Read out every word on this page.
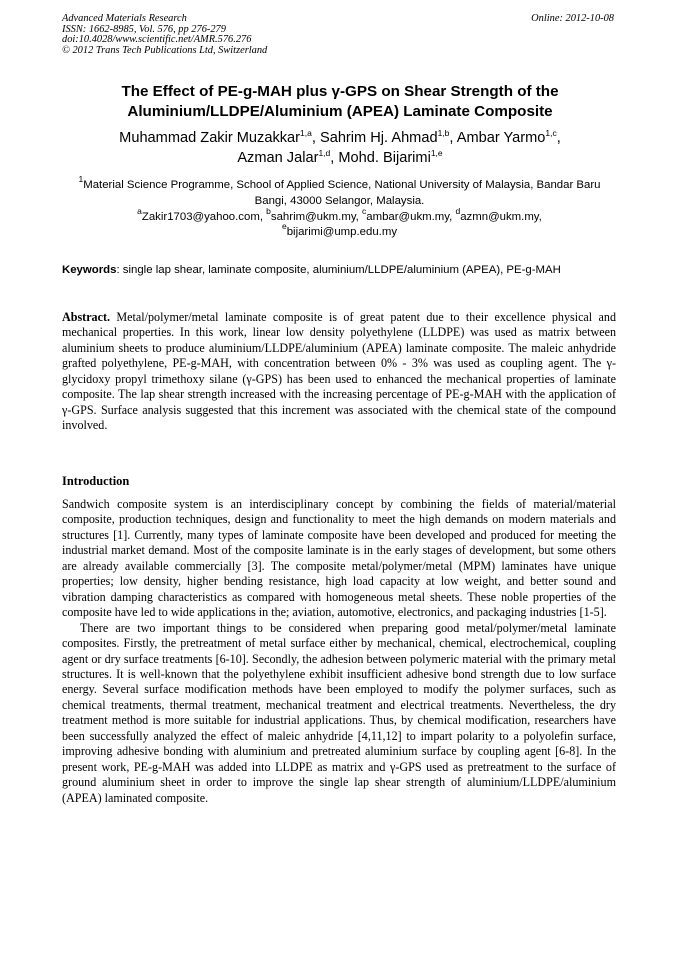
Advanced Materials Research
ISSN: 1662-8985, Vol. 576, pp 276-279
doi:10.4028/www.scientific.net/AMR.576.276
© 2012 Trans Tech Publications Ltd, Switzerland
Online: 2012-10-08
The Effect of PE-g-MAH plus γ-GPS on Shear Strength of the Aluminium/LLDPE/Aluminium (APEA) Laminate Composite
Muhammad Zakir Muzakkar$^{1,a}$, Sahrim Hj. Ahmad$^{1,b}$, Ambar Yarmo$^{1,c}$,
Azman Jalar$^{1,d}$, Mohd. Bijarimi$^{1,e}$
$^1$Material Science Programme, School of Applied Science, National University of Malaysia, Bandar Baru Bangi, 43000 Selangor, Malaysia.
$^a$Zakir1703@yahoo.com, $^b$sahrim@ukm.my, $^c$ambar@ukm.my, $^d$azmn@ukm.my,
$^e$bijarimi@ump.edu.my
Keywords: single lap shear, laminate composite, aluminium/LLDPE/aluminium (APEA), PE-g-MAH
Abstract. Metal/polymer/metal laminate composite is of great patent due to their excellence physical and mechanical properties. In this work, linear low density polyethylene (LLDPE) was used as matrix between aluminium sheets to produce aluminium/LLDPE/aluminium (APEA) laminate composite. The maleic anhydride grafted polyethylene, PE-g-MAH, with concentration between 0% - 3% was used as coupling agent. The γ-glycidoxy propyl trimethoxy silane (γ-GPS) has been used to enhanced the mechanical properties of laminate composite. The lap shear strength increased with the increasing percentage of PE-g-MAH with the application of γ-GPS. Surface analysis suggested that this increment was associated with the chemical state of the compound involved.
Introduction

Sandwich composite system is an interdisciplinary concept by combining the fields of material/material composite, production techniques, design and functionality to meet the high demands on modern materials and structures [1]. Currently, many types of laminate composite have been developed and produced for meeting the industrial market demand. Most of the composite laminate is in the early stages of development, but some others are already available commercially [3]. The composite metal/polymer/metal (MPM) laminates have unique properties; low density, higher bending resistance, high load capacity at low weight, and better sound and vibration damping characteristics as compared with homogeneous metal sheets. These noble properties of the composite have led to wide applications in the; aviation, automotive, electronics, and packaging industries [1-5].

There are two important things to be considered when preparing good metal/polymer/metal laminate composites. Firstly, the pretreatment of metal surface either by mechanical, chemical, electrochemical, coupling agent or dry surface treatments [6-10]. Secondly, the adhesion between polymeric material with the primary metal structures. It is well-known that the polyethylene exhibit insufficient adhesive bond strength due to low surface energy. Several surface modification methods have been employed to modify the polymer surfaces, such as chemical treatments, thermal treatment, mechanical treatment and electrical treatments. Nevertheless, the dry treatment method is more suitable for industrial applications. Thus, by chemical modification, researchers have been successfully analyzed the effect of maleic anhydride [4,11,12] to impart polarity to a polyolefin surface, improving adhesive bonding with aluminium and pretreated aluminium surface by coupling agent [6-8]. In the present work, PE-g-MAH was added into LLDPE as matrix and γ-GPS used as pretreatment to the surface of ground aluminium sheet in order to improve the single lap shear strength of aluminium/LLDPE/aluminium (APEA) laminated composite.
